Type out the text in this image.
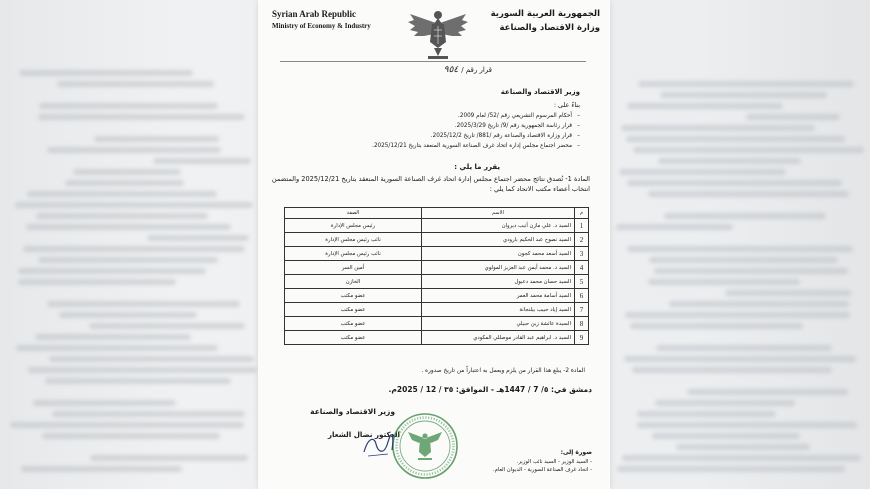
Syrian Arab Republic
Ministry of Economy & Industry
الجمهورية العربية السورية
وزارة الاقتصاد والصناعة
قرار رقم /٩٥٤
وزير الاقتصاد والصناعة
بناءً على :
– أحكام المرسوم التشريعي رقم /52/ لعام 2009.
– قرار رئاسة الجمهورية رقم /9/ تاريخ 2025/3/29.
– قرار وزارة الاقتصاد والصناعة رقم /881/ تاريخ 2025/12/2.
– محضر اجتماع مجلس إدارة اتحاد غرف الصناعة السورية المنعقد بتاريخ 2025/12/21.
يقرر ما يلي :
المادة 1- تُصدق نتائج محضر اجتماع مجلس إدارة اتحاد غرف الصناعة السورية المنعقد بتاريخ 2025/12/21 والمتضمن انتخاب أعضاء مكتب الاتحاد كما يلي :
م	الاسم	الصفة
1	السيد د. علي مازن أنيب ديروان	رئيس مجلس الإدارة
2	السيد نصوح عبد الحكيم بارودي	نائب رئيس مجلس الإدارة
3	السيد أسعد محمد كجون	نائب رئيس مجلس الإدارة
4	السيد د. محمد أيمن عبد العزيز المولوي	أمين السر
5	السيد حسان محمد دعبول	الخازن
6	السيد أسامة محمد العمر	عضو مكتب
7	السيد إياد حبيب بيلنجانة	عضو مكتب
8	السيدة عائشة زين حبيلي	عضو مكتب
9	السيد د. ابراهيم عبد القادر موصللي المكودي	عضو مكتب
المادة 2- يبلغ هذا القرار من يلزم ويعمل به اعتباراً من تاريخ صدوره .
دمشق في: ٥/ 7 / 1447هـ - الموافق: ٣٥ / 12 / 2025م.
وزير الاقتصاد والصناعة
الدكتور نضال الشعار
صورة إلى:
- السيد الوزير - السيد نائب الوزير.
- اتحاد غرف الصناعة السورية - الديوان العام.
